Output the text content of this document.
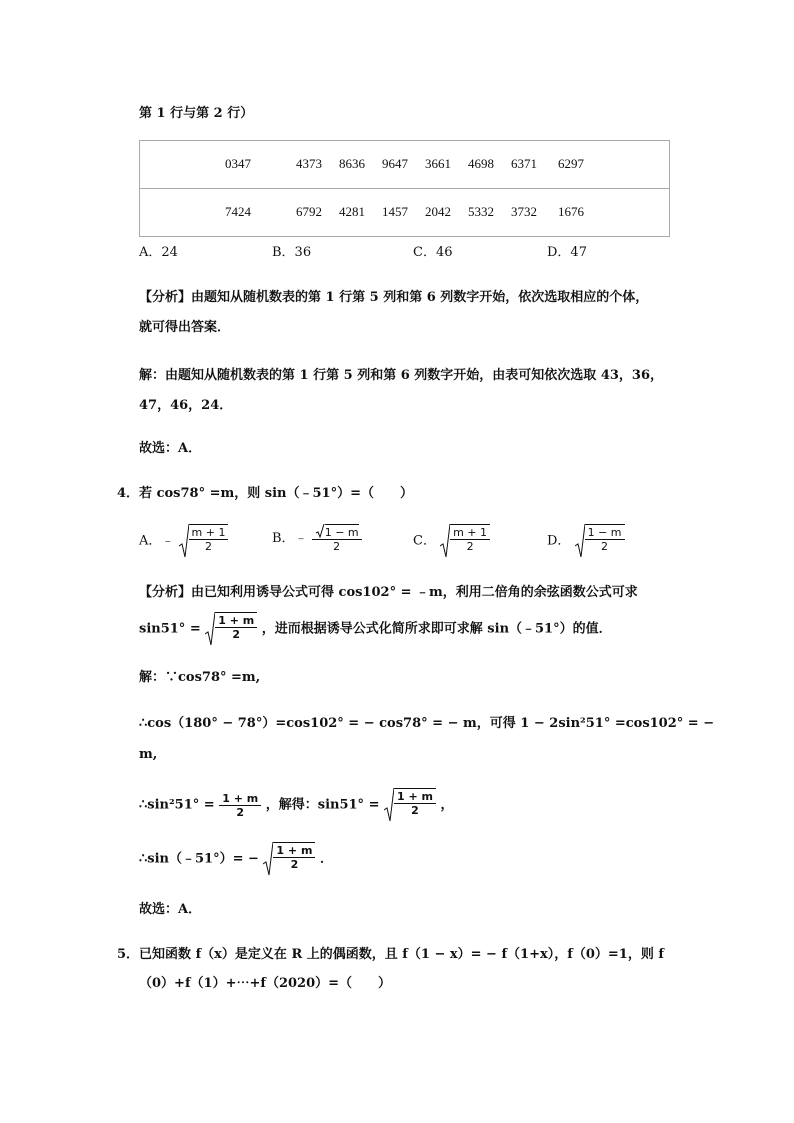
第 1 行与第 2 行）
0347	4373 8636 9647 3661 4698 6371 6297

7424	6792 4281 1457 2042 5332 3732 1676
A．24	B．36	C．46	D．47
【分析】由题知从随机数表的第 1 行第 5 列和第 6 列数字开始，依次选取相应的个体，
就可得出答案．
解：由题知从随机数表的第 1 行第 5 列和第 6 列数字开始，由表可知依次选取 43，36，
47，46，24．
故选：A．
4．若 cos78° =m，则 sin（﹣51°）=（　　）
A．﹣ $\frac{m + 1}{2}$	B．﹣ $\frac{1 - m}{2}$	C． $\frac{m + 1}{2}$	D． $\frac{1 - m}{2}$
【分析】由已知利用诱导公式可得 cos102° = ﹣m，利用二倍角的余弦函数公式可求
$\sin 51^\circ = \frac{1 + m}{2}$ ，进而根据诱导公式化简所求即可求解 sin（﹣51°）的值．
解：∵cos78° =m,
∴cos（180° − 78°）=cos102° = − cos78° = − m，可得 1 − 2sin²51° =cos102° = −
m,
∴sin²51° = $\frac{1 + m}{2}$ ，解得：$\sin 51^\circ = \frac{1 + m}{2}$ ，
∴sin（﹣51°）= − $\frac{1 + m}{2}$ ．
故选：A．
5．已知函数 f（x）是定义在 R 上的偶函数，且 f（1 − x）= − f（1+x），f（0）=1，则 f
（0）+f（1）+⋯+f（2020）=（　　）
